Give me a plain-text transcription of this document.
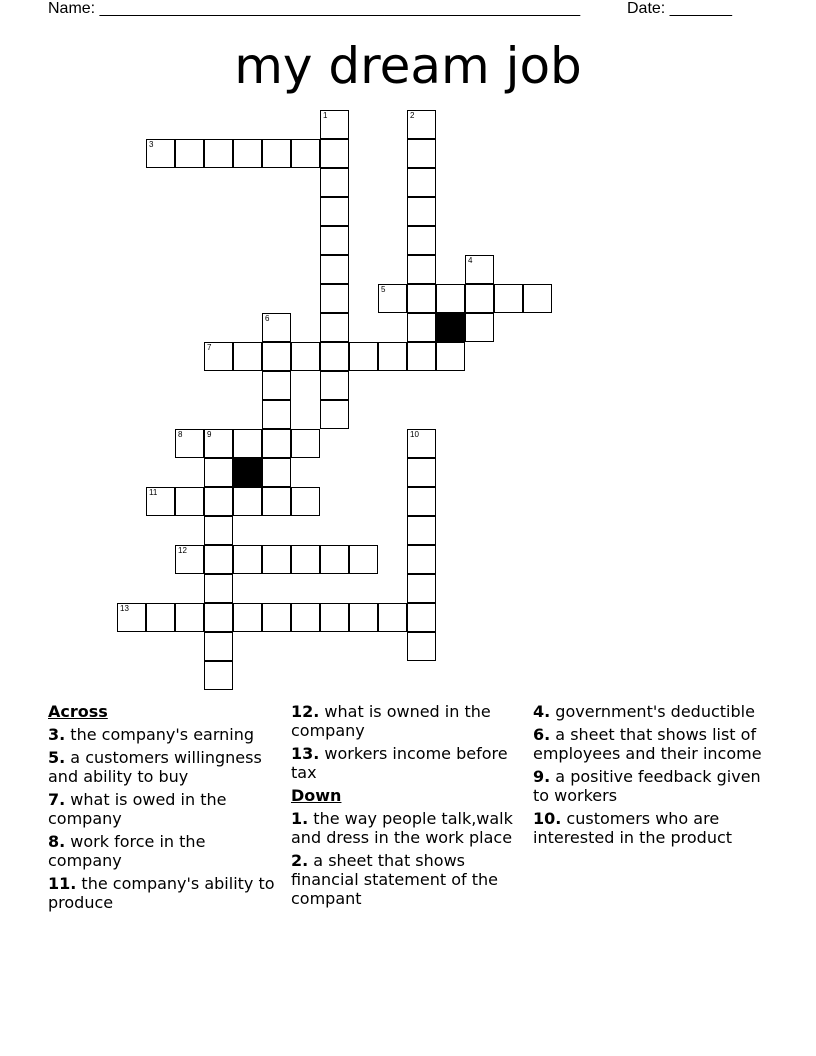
Name: ______________________________________________________	Date: _______
my dream job
1	2
3
4
5
6
7
8	9	10
11
12
13
Across
3. the company's earning
5. a customers willingness and ability to buy
7. what is owed in the company
8. work force in the company
11. the company's ability to produce
12. what is owned in the company
13. workers income before tax
Down
1. the way people talk,walk and dress in the work place
2. a sheet that shows financial statement of the compant
4. government's deductible
6. a sheet that shows list of employees and their income
9. a positive feedback given to workers
10. customers who are interested in the product
